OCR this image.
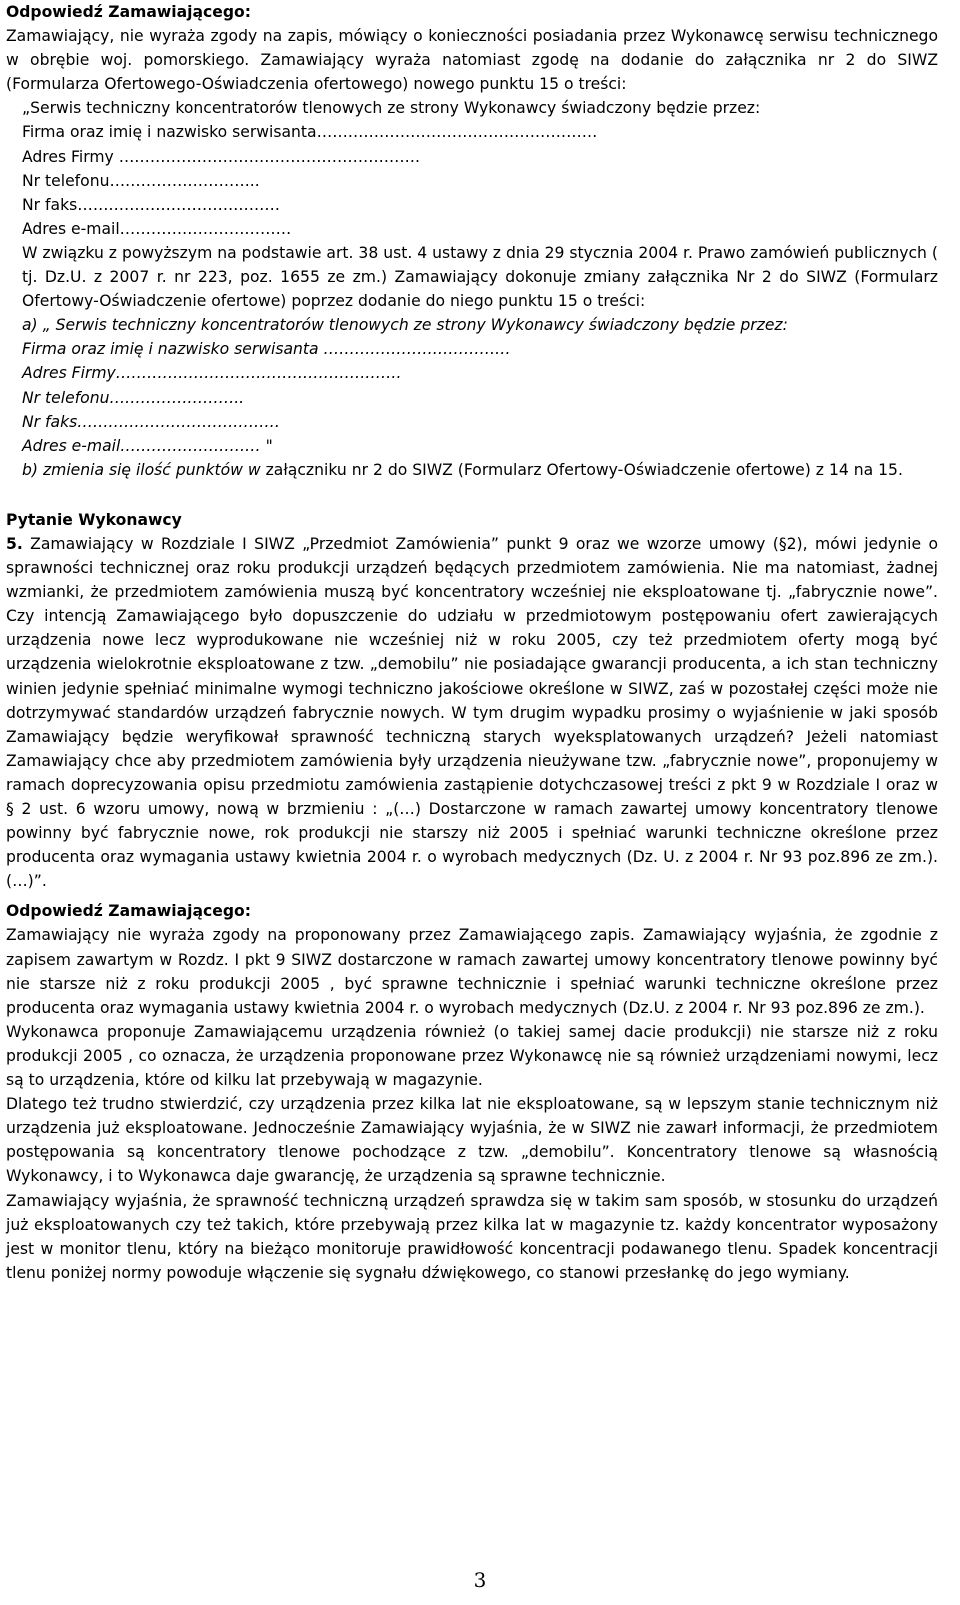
Odpowiedź Zamawiającego:

Zamawiający, nie wyraża zgody na zapis, mówiący o konieczności posiadania przez Wykonawcę serwisu technicznego w obrębie woj. pomorskiego. Zamawiający wyraża natomiast zgodę na dodanie do załącznika nr 2 do SIWZ (Formularza Ofertowego-Oświadczenia ofertowego) nowego punktu 15 o treści:

„Serwis techniczny koncentratorów tlenowych ze strony Wykonawcy świadczony będzie przez:
Firma oraz imię i nazwisko serwisanta………………………………………………
Adres Firmy ………………………………………………….
Nr telefonu………………………..
Nr faks…………………………………
Adres e-mail……………………………

W związku z powyższym na podstawie art. 38 ust. 4 ustawy z dnia 29 stycznia 2004 r. Prawo zamówień publicznych ( tj. Dz.U. z 2007 r. nr 223, poz. 1655 ze zm.) Zamawiający dokonuje zmiany załącznika Nr 2 do SIWZ (Formularz Ofertowy-Oświadczenie ofertowe) poprzez dodanie do niego punktu 15 o treści:

a) „ Serwis techniczny koncentratorów tlenowych ze strony Wykonawcy świadczony będzie przez:
Firma oraz imię i nazwisko serwisanta ………………………………
Adres Firmy……………………………………………….
Nr telefonu……………………..
Nr faks…………………………………
Adres e-mail……………………… "

b) zmienia się ilość punktów w załączniku nr 2 do SIWZ (Formularz Ofertowy-Oświadczenie ofertowe) z 14 na 15.

Pytanie Wykonawcy

5. Zamawiający w Rozdziale I SIWZ „Przedmiot Zamówienia” punkt 9 oraz we wzorze umowy (§2), mówi jedynie o sprawności technicznej oraz roku produkcji urządzeń będących przedmiotem zamówienia. Nie ma natomiast, żadnej wzmianki, że przedmiotem zamówienia muszą być koncentratory wcześniej nie eksploatowane tj. „fabrycznie nowe”. Czy intencją Zamawiającego było dopuszczenie do udziału w przedmiotowym postępowaniu ofert zawierających urządzenia nowe lecz wyprodukowane nie wcześniej niż w roku 2005, czy też przedmiotem oferty mogą być urządzenia wielokrotnie eksploatowane z tzw. „demobilu” nie posiadające gwarancji producenta, a ich stan techniczny winien jedynie spełniać minimalne wymogi techniczno jakościowe określone w SIWZ, zaś w pozostałej części może nie dotrzymywać standardów urządzeń fabrycznie nowych. W tym drugim wypadku prosimy o wyjaśnienie w jaki sposób Zamawiający będzie weryfikował sprawność techniczną starych wyeksplatowanych urządzeń? Jeżeli natomiast Zamawiający chce aby przedmiotem zamówienia były urządzenia nieużywane tzw. „fabrycznie nowe”, proponujemy w ramach doprecyzowania opisu przedmiotu zamówienia zastąpienie dotychczasowej treści z pkt 9 w Rozdziale I oraz w § 2 ust. 6 wzoru umowy, nową w brzmieniu : „(…) Dostarczone w ramach zawartej umowy koncentratory tlenowe powinny być fabrycznie nowe, rok produkcji nie starszy niż 2005 i spełniać warunki techniczne określone przez producenta oraz wymagania ustawy kwietnia 2004 r. o wyrobach medycznych (Dz. U. z 2004 r. Nr 93 poz.896 ze zm.).(…)”.

Odpowiedź Zamawiającego:

Zamawiający nie wyraża zgody na proponowany przez Zamawiającego zapis. Zamawiający wyjaśnia, że zgodnie z zapisem zawartym w Rozdz. I pkt 9 SIWZ dostarczone w ramach zawartej umowy koncentratory tlenowe powinny być nie starsze niż z roku produkcji 2005 , być sprawne technicznie i spełniać warunki techniczne określone przez producenta oraz wymagania ustawy kwietnia 2004 r. o wyrobach medycznych (Dz.U. z 2004 r. Nr 93 poz.896 ze zm.).

Wykonawca proponuje Zamawiającemu urządzenia również (o takiej samej dacie produkcji) nie starsze niż z roku produkcji 2005 , co oznacza, że urządzenia proponowane przez Wykonawcę nie są również urządzeniami nowymi, lecz są to urządzenia, które od kilku lat przebywają w magazynie.

Dlatego też trudno stwierdzić, czy urządzenia przez kilka lat nie eksploatowane, są w lepszym stanie technicznym niż urządzenia już eksploatowane. Jednocześnie Zamawiający wyjaśnia, że w SIWZ nie zawarł informacji, że przedmiotem postępowania są koncentratory tlenowe pochodzące z tzw. „demobilu”. Koncentratory tlenowe są własnością Wykonawcy, i to Wykonawca daje gwarancję, że urządzenia są sprawne technicznie.

Zamawiający wyjaśnia, że sprawność techniczną urządzeń sprawdza się w takim sam sposób, w stosunku do urządzeń już eksploatowanych czy też takich, które przebywają przez kilka lat w magazynie tz. każdy koncentrator wyposażony jest w monitor tlenu, który na bieżąco monitoruje prawidłowość koncentracji podawanego tlenu. Spadek koncentracji tlenu poniżej normy powoduje włączenie się sygnału dźwiękowego, co stanowi przesłankę do jego wymiany.

3
